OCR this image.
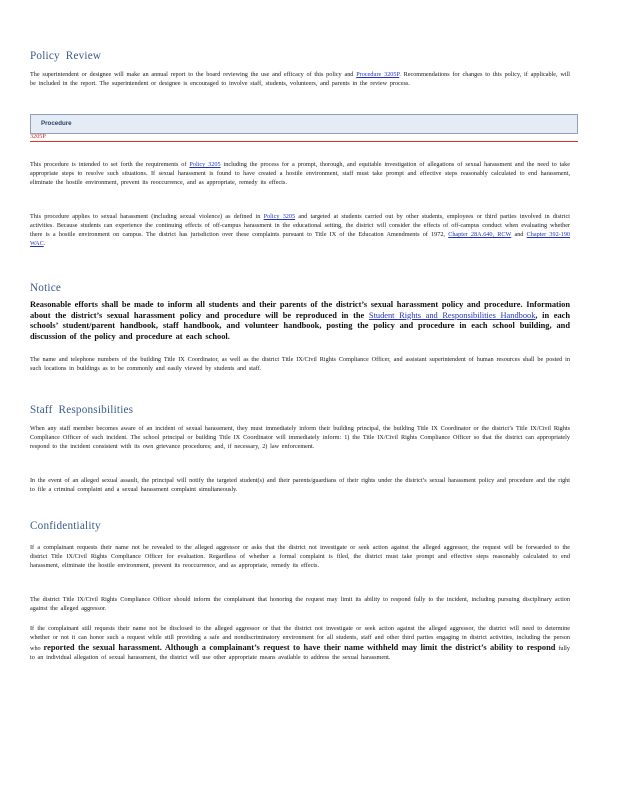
Policy Review

The superintendent or designee will make an annual report to the board reviewing the use and efficacy of this policy and Procedure 3205P. Recommendations for changes to this policy, if applicable, will be included in the report. The superintendent or designee is encouraged to involve staff, students, volunteers, and parents in the review process.

Procedure
3205P

This procedure is intended to set forth the requirements of Policy 3205 including the process for a prompt, thorough, and equitable investigation of allegations of sexual harassment and the need to take appropriate steps to resolve such situations. If sexual harassment is found to have created a hostile environment, staff must take prompt and effective steps reasonably calculated to end harassment, eliminate the hostile environment, prevent its reoccurrence, and as appropriate, remedy its effects.

This procedure applies to sexual harassment (including sexual violence) as defined in Policy 3205 and targeted at students carried out by other students, employees or third parties involved in district activities. Because students can experience the continuing effects of off-campus harassment in the educational setting, the district will consider the effects of off-campus conduct when evaluating whether there is a hostile environment on campus. The district has jurisdiction over these complaints pursuant to Title IX of the Education Amendments of 1972, Chapter 28A.640, RCW and Chapter 392-190 WAC.

Notice

Reasonable efforts shall be made to inform all students and their parents of the district’s sexual harassment policy and procedure. Information about the district’s sexual harassment policy and procedure will be reproduced in the Student Rights and Responsibilities Handbook, in each schools’ student/parent handbook, staff handbook, and volunteer handbook, posting the policy and procedure in each school building, and discussion of the policy and procedure at each school.

The name and telephone numbers of the building Title IX Coordinator, as well as the district Title IX/Civil Rights Compliance Officer, and assistant superintendent of human resources shall be posted in such locations in buildings as to be commonly and easily viewed by students and staff.

Staff Responsibilities

When any staff member becomes aware of an incident of sexual harassment, they must immediately inform their building principal, the building Title IX Coordinator or the district’s Title IX/Civil Rights Compliance Officer of such incident. The school principal or building Title IX Coordinator will immediately inform: 1) the Title IX/Civil Rights Compliance Officer so that the district can appropriately respond to the incident consistent with its own grievance procedures; and, if necessary, 2) law enforcement.

In the event of an alleged sexual assault, the principal will notify the targeted student(s) and their parents/guardians of their rights under the district’s sexual harassment policy and procedure and the right to file a criminal complaint and a sexual harassment complaint simultaneously.

Confidentiality

If a complainant requests their name not be revealed to the alleged aggressor or asks that the district not investigate or seek action against the alleged aggressor, the request will be forwarded to the district Title IX/Civil Rights Compliance Officer for evaluation. Regardless of whether a formal complaint is filed, the district must take prompt and effective steps reasonably calculated to end harassment, eliminate the hostile environment, prevent its reoccurrence, and as appropriate, remedy its effects.

The district Title IX/Civil Rights Compliance Officer should inform the complainant that honoring the request may limit its ability to respond fully to the incident, including pursuing disciplinary action against the alleged aggressor.

If the complainant still requests their name not be disclosed to the alleged aggressor or that the district not investigate or seek action against the alleged aggressor, the district will need to determine whether or not it can honor such a request while still providing a safe and nondiscriminatory environment for all students, staff and other third parties engaging in district activities, including the person who reported the sexual harassment. Although a complainant’s request to have their name withheld may limit the district’s ability to respond fully to an individual allegation of sexual harassment, the district will use other appropriate means available to address the sexual harassment.
